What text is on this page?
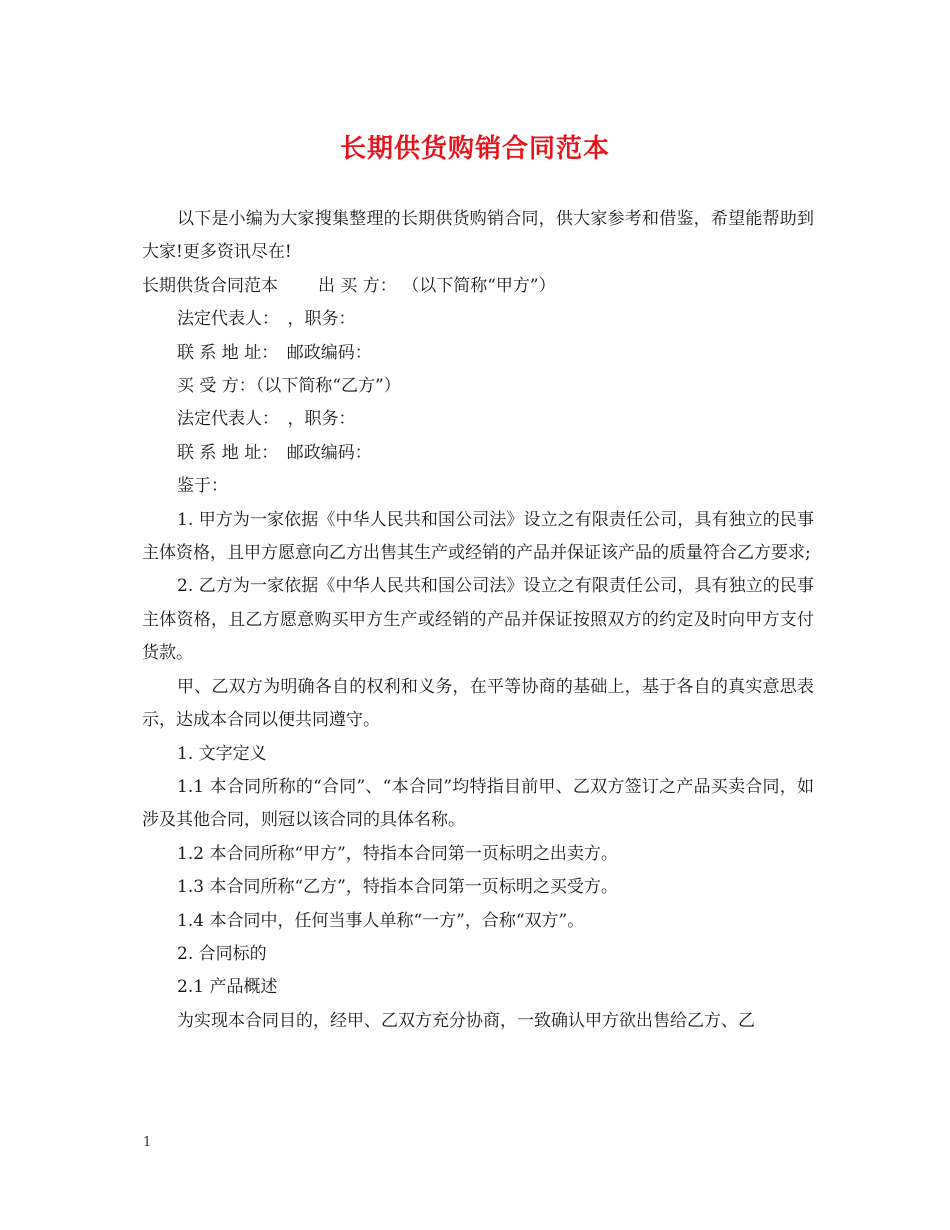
长期供货购销合同范本

以下是小编为大家搜集整理的长期供货购销合同，供大家参考和借鉴，希望能帮助到大家!更多资讯尽在!

长期供货合同范本 出 买 方： （以下简称“甲方”）

法定代表人：　，职务：

联 系 地 址：　邮政编码：

买 受 方：（以下简称“乙方”）

法定代表人：　，职务：

联 系 地 址：　邮政编码：

鉴于：

1. 甲方为一家依据《中华人民共和国公司法》设立之有限责任公司，具有独立的民事主体资格，且甲方愿意向乙方出售其生产或经销的产品并保证该产品的质量符合乙方要求;

2. 乙方为一家依据《中华人民共和国公司法》设立之有限责任公司，具有独立的民事主体资格，且乙方愿意购买甲方生产或经销的产品并保证按照双方的约定及时向甲方支付货款。

甲、乙双方为明确各自的权利和义务，在平等协商的基础上，基于各自的真实意思表示，达成本合同以便共同遵守。

1. 文字定义

1.1 本合同所称的“合同”、“本合同”均特指目前甲、乙双方签订之产品买卖合同，如涉及其他合同，则冠以该合同的具体名称。

1.2 本合同所称“甲方”，特指本合同第一页标明之出卖方。

1.3 本合同所称“乙方”，特指本合同第一页标明之买受方。

1.4 本合同中，任何当事人单称“一方”，合称“双方”。

2. 合同标的

2.1 产品概述

为实现本合同目的，经甲、乙双方充分协商，一致确认甲方欲出售给乙方、乙

1
